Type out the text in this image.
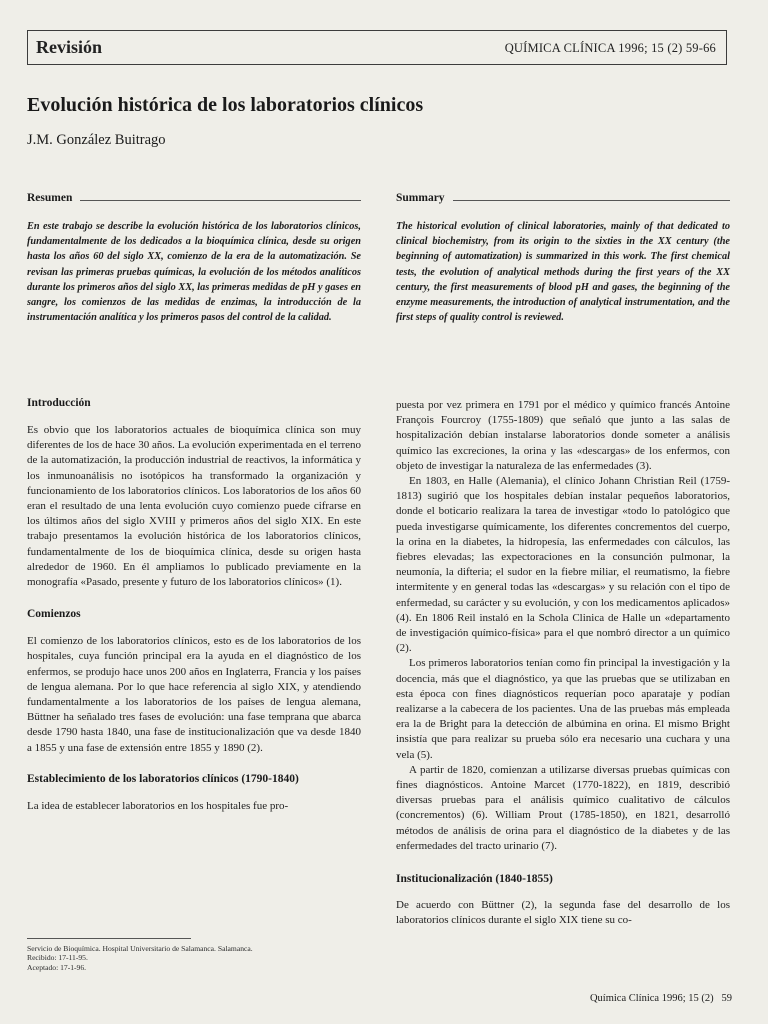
Revisión	QUÍMICA CLÍNICA 1996; 15 (2) 59-66
Evolución histórica de los laboratorios clínicos
J.M. González Buitrago
Resumen

En este trabajo se describe la evolución histórica de los laboratorios clínicos, fundamentalmente de los dedicados a la bioquímica clínica, desde su origen hasta los años 60 del siglo XX, comienzo de la era de la automatización. Se revisan las primeras pruebas químicas, la evolución de los métodos analíticos durante los primeros años del siglo XX, las primeras medidas de pH y gases en sangre, los comienzos de las medidas de enzimas, la introducción de la instrumentación analítica y los primeros pasos del control de la calidad.

Summary

The historical evolution of clinical laboratories, mainly of that dedicated to clinical biochemistry, from its origin to the sixties in the XX century (the beginning of automatization) is summarized in this work. The first chemical tests, the evolution of analytical methods during the first years of the XX century, the first measurements of blood pH and gases, the beginning of the enzyme measurements, the introduction of analytical instrumentation, and the first steps of quality control is reviewed.

Introducción

Es obvio que los laboratorios actuales de bioquímica clínica son muy diferentes de los de hace 30 años. La evolución experimentada en el terreno de la automatización, la producción industrial de reactivos, la informática y los inmunoanálisis no isotópicos ha transformado la organización y funcionamiento de los laboratorios clínicos. Los laboratorios de los años 60 eran el resultado de una lenta evolución cuyo comienzo puede cifrarse en los últimos años del siglo XVIII y primeros años del siglo XIX. En este trabajo presentamos la evolución histórica de los laboratorios clínicos, fundamentalmente de los de bioquímica clínica, desde su origen hasta alrededor de 1960. En él ampliamos lo publicado previamente en la monografía «Pasado, presente y futuro de los laboratorios clínicos» (1).

Comienzos

El comienzo de los laboratorios clínicos, esto es de los laboratorios de los hospitales, cuya función principal era la ayuda en el diagnóstico de los enfermos, se produjo hace unos 200 años en Inglaterra, Francia y los países de lengua alemana. Por lo que hace referencia al siglo XIX, y atendiendo fundamentalmente a los laboratorios de los países de lengua alemana, Büttner ha señalado tres fases de evolución: una fase temprana que abarca desde 1790 hasta 1840, una fase de institucionalización que va desde 1840 a 1855 y una fase de extensión entre 1855 y 1890 (2).

Establecimiento de los laboratorios clínicos (1790-1840)

La idea de establecer laboratorios en los hospitales fue pro-

puesta por vez primera en 1791 por el médico y químico francés Antoine François Fourcroy (1755-1809) que señaló que junto a las salas de hospitalización debían instalarse laboratorios donde someter a análisis químico las excreciones, la orina y las «descargas» de los enfermos, con objeto de investigar la naturaleza de las enfermedades (3).

En 1803, en Halle (Alemania), el clínico Johann Christian Reil (1759-1813) sugirió que los hospitales debían instalar pequeños laboratorios, donde el boticario realizara la tarea de investigar «todo lo patológico que pueda investigarse químicamente, los diferentes concrementos del cuerpo, la orina en la diabetes, la hidropesía, las enfermedades con cálculos, las fiebres elevadas; las expectoraciones en la consunción pulmonar, la neumonía, la difteria; el sudor en la fiebre miliar, el reumatismo, la fiebre intermitente y en general todas las «descargas» y su relación con el tipo de enfermedad, su carácter y su evolución, y con los medicamentos aplicados» (4). En 1806 Reil instaló en la Schola Clinica de Halle un «departamento de investigación químico-física» para el que nombró director a un químico (2).

Los primeros laboratorios tenían como fin principal la investigación y la docencia, más que el diagnóstico, ya que las pruebas que se utilizaban en esta época con fines diagnósticos requerían poco aparataje y podían realizarse a la cabecera de los pacientes. Una de las pruebas más empleada era la de Bright para la detección de albúmina en orina. El mismo Bright insistía que para realizar su prueba sólo era necesario una cuchara y una vela (5).

A partir de 1820, comienzan a utilizarse diversas pruebas químicas con fines diagnósticos. Antoine Marcet (1770-1822), en 1819, describió diversas pruebas para el análisis químico cualitativo de cálculos (concrementos) (6). William Prout (1785-1850), en 1821, desarrolló métodos de análisis de orina para el diagnóstico de la diabetes y de las enfermedades del tracto urinario (7).

Institucionalización (1840-1855)

De acuerdo con Büttner (2), la segunda fase del desarrollo de los laboratorios clínicos durante el siglo XIX tiene su co-

Servicio de Bioquímica. Hospital Universitario de Salamanca. Salamanca.
Recibido: 17-11-95.
Aceptado: 17-1-96.
Química Clínica 1996; 15 (2)   59
